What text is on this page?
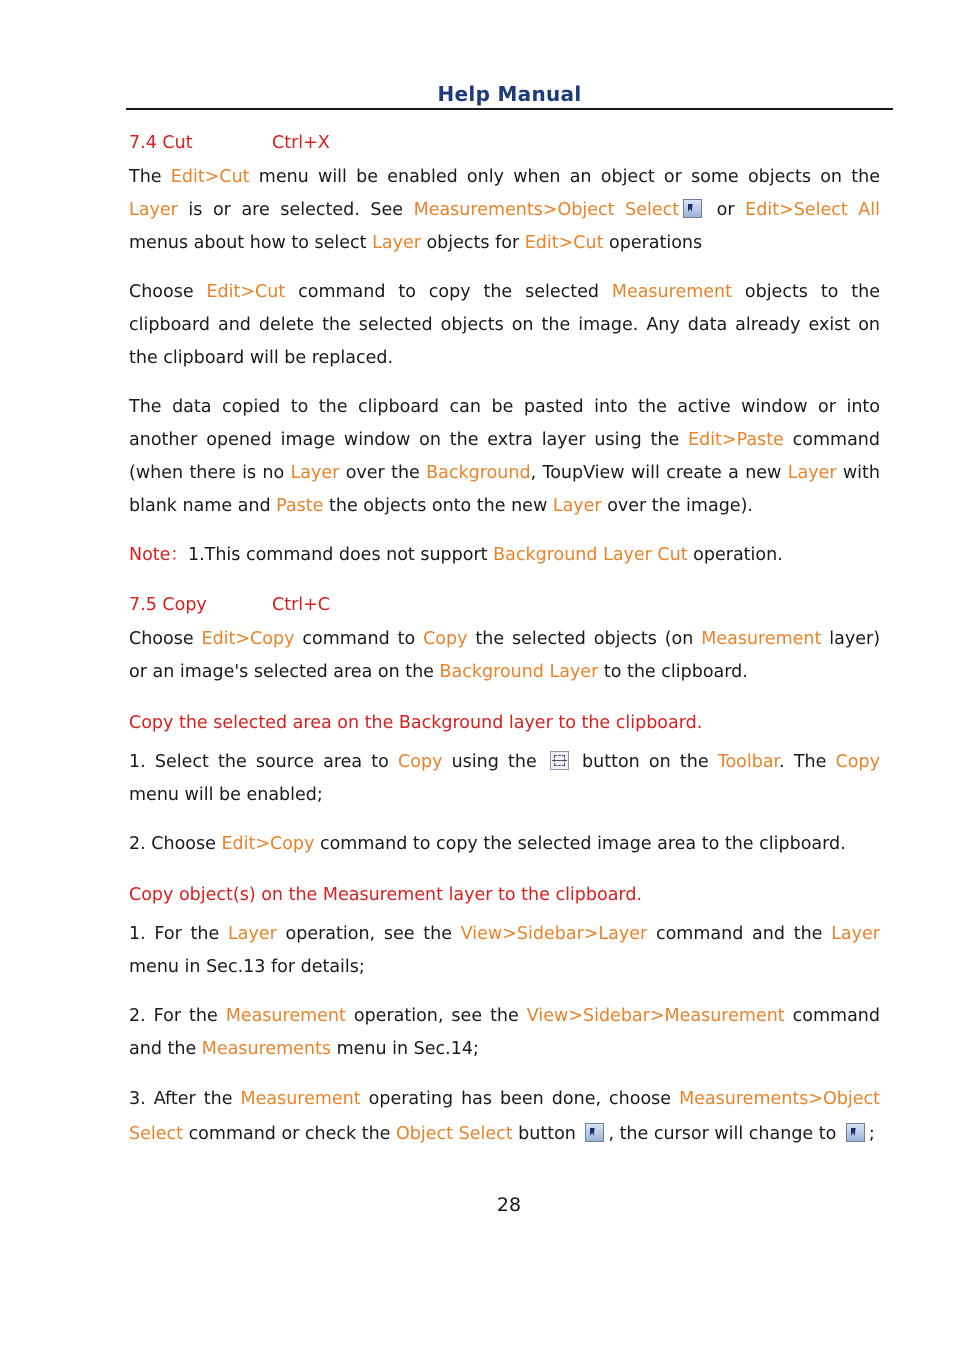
Help Manual
7.4 Cut	Ctrl+X

The Edit>Cut menu will be enabled only when an object or some objects on the Layer is or are selected. See Measurements>Object Select or Edit>Select All menus about how to select Layer objects for Edit>Cut operations

Choose Edit>Cut command to copy the selected Measurement objects to the clipboard and delete the selected objects on the image. Any data already exist on the clipboard will be replaced.

The data copied to the clipboard can be pasted into the active window or into another opened image window on the extra layer using the Edit>Paste command (when there is no Layer over the Background, ToupView will create a new Layer with blank name and Paste the objects onto the new Layer over the image).

Note：1.This command does not support Background Layer Cut operation.

7.5 Copy	Ctrl+C

Choose Edit>Copy command to Copy the selected objects (on Measurement layer) or an image's selected area on the Background Layer to the clipboard.

Copy the selected area on the Background layer to the clipboard.

1. Select the source area to Copy using the  button on the Toolbar. The Copy menu will be enabled;

2. Choose Edit>Copy command to copy the selected image area to the clipboard.

Copy object(s) on the Measurement layer to the clipboard.

1. For the Layer operation, see the View>Sidebar>Layer command and the Layer menu in Sec.13 for details;

2. For the Measurement operation, see the View>Sidebar>Measurement command and the Measurements menu in Sec.14;

3. After the Measurement operating has been done, choose Measurements>Object Select command or check the Object Select button , the cursor will change to ;

28
